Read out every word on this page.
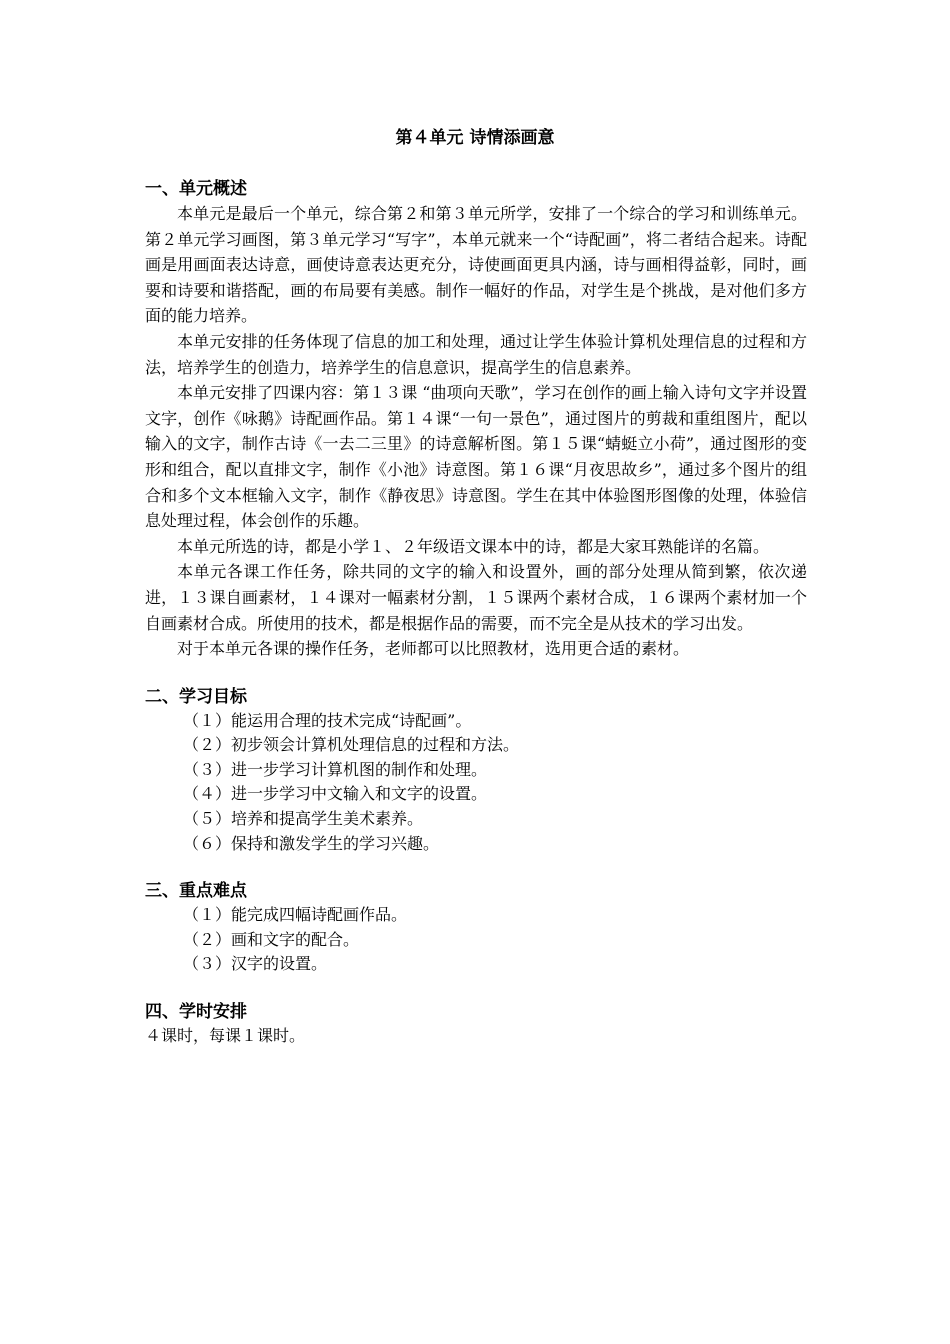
第４单元 诗情添画意

一、单元概述

本单元是最后一个单元，综合第２和第３单元所学，安排了一个综合的学习和训练单元。第２单元学习画图，第３单元学习“写字”，本单元就来一个“诗配画”，将二者结合起来。诗配画是用画面表达诗意，画使诗意表达更充分，诗使画面更具内涵，诗与画相得益彰，同时，画要和诗要和谐搭配，画的布局要有美感。制作一幅好的作品，对学生是个挑战，是对他们多方面的能力培养。

本单元安排的任务体现了信息的加工和处理，通过让学生体验计算机处理信息的过程和方法，培养学生的创造力，培养学生的信息意识，提高学生的信息素养。

本单元安排了四课内容：第１３课 “曲项向天歌”，学习在创作的画上输入诗句文字并设置文字，创作《咏鹅》诗配画作品。第１４课“一句一景色”，通过图片的剪裁和重组图片，配以输入的文字，制作古诗《一去二三里》的诗意解析图。第１５课“蜻蜓立小荷”，通过图形的变形和组合，配以直排文字，制作《小池》诗意图。第１６课“月夜思故乡”，通过多个图片的组合和多个文本框输入文字，制作《静夜思》诗意图。学生在其中体验图形图像的处理，体验信息处理过程，体会创作的乐趣。

本单元所选的诗，都是小学１、２年级语文课本中的诗，都是大家耳熟能详的名篇。

本单元各课工作任务，除共同的文字的输入和设置外，画的部分处理从简到繁，依次递进，１３课自画素材，１４课对一幅素材分割，１５课两个素材合成，１６课两个素材加一个自画素材合成。所使用的技术，都是根据作品的需要，而不完全是从技术的学习出发。

对于本单元各课的操作任务，老师都可以比照教材，选用更合适的素材。

二、学习目标

（１）能运用合理的技术完成“诗配画”。

（２）初步领会计算机处理信息的过程和方法。

（３）进一步学习计算机图的制作和处理。

（４）进一步学习中文输入和文字的设置。

（５）培养和提高学生美术素养。

（６）保持和激发学生的学习兴趣。

三、重点难点

（１）能完成四幅诗配画作品。

（２）画和文字的配合。

（３）汉字的设置。

四、学时安排

４课时，每课１课时。
